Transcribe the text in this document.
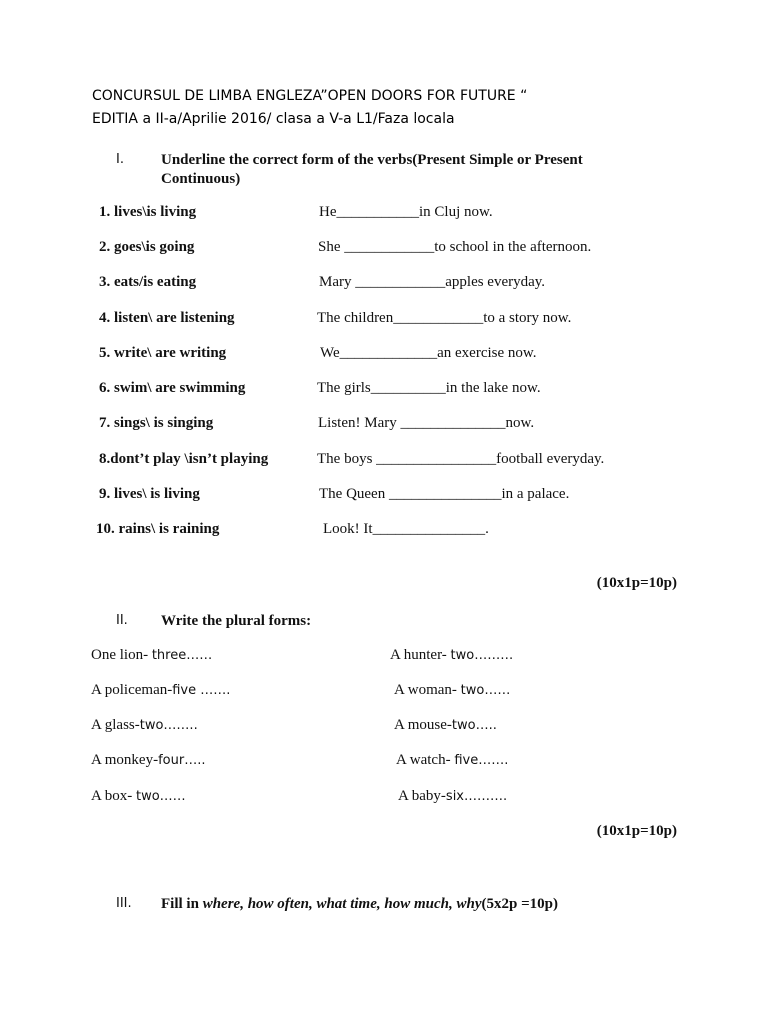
CONCURSUL DE LIMBA ENGLEZA”OPEN DOORS FOR FUTURE “
EDITIA a II-a/Aprilie 2016/ clasa a V-a L1/Faza locala
I. Underline the correct form of the verbs(Present Simple or Present
Continuous)
1. lives\is living	He___________in Cluj now.
2. goes\is going	She ____________to school in the afternoon.
3. eats/is eating	Mary ____________apples everyday.
4. listen\ are listening	The children____________to a story now.
5. write\ are writing	We_____________an exercise now.
6. swim\ are swimming	The girls__________in the lake now.
7. sings\ is singing	Listen! Mary ______________now.
8.dont’t play \isn’t playing	The boys ________________football everyday.
9. lives\ is living	The Queen _______________in a palace.
10. rains\ is raining	Look! It_______________.
(10x1p=10p)
II. Write the plural forms:
One lion- three……	A hunter- two………
A policeman-five …….	A woman- two……
A glass-two……..	A mouse-two…..
A monkey-four…..	A watch- five…….
A box- two……	A baby-six……….
(10x1p=10p)
III. Fill in where, how often, what time, how much, why(5x2p =10p)
